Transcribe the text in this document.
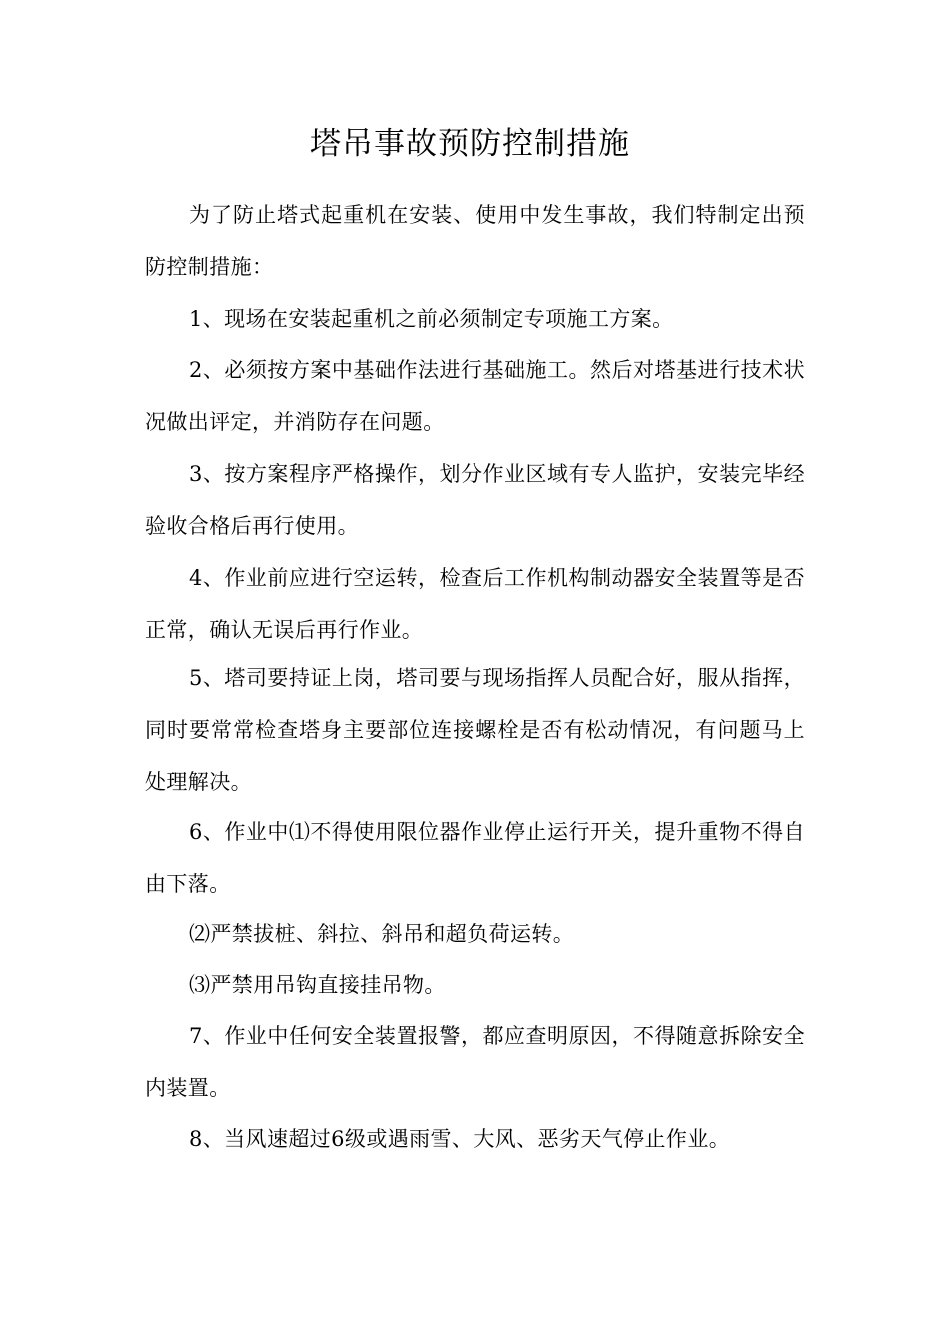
塔吊事故预防控制措施

为了防止塔式起重机在安装、使用中发生事故，我们特制定出预防控制措施：

1、现场在安装起重机之前必须制定专项施工方案。

2、必须按方案中基础作法进行基础施工。然后对塔基进行技术状况做出评定，并消防存在问题。

3、按方案程序严格操作，划分作业区域有专人监护，安装完毕经验收合格后再行使用。

4、作业前应进行空运转，检查后工作机构制动器安全装置等是否正常，确认无误后再行作业。

5、塔司要持证上岗，塔司要与现场指挥人员配合好，服从指挥，同时要常常检查塔身主要部位连接螺栓是否有松动情况，有问题马上处理解决。

6、作业中⑴不得使用限位器作业停止运行开关，提升重物不得自由下落。

⑵严禁拔桩、斜拉、斜吊和超负荷运转。

⑶严禁用吊钩直接挂吊物。

7、作业中任何安全装置报警，都应查明原因，不得随意拆除安全内装置。

8、当风速超过6级或遇雨雪、大风、恶劣天气停止作业。
